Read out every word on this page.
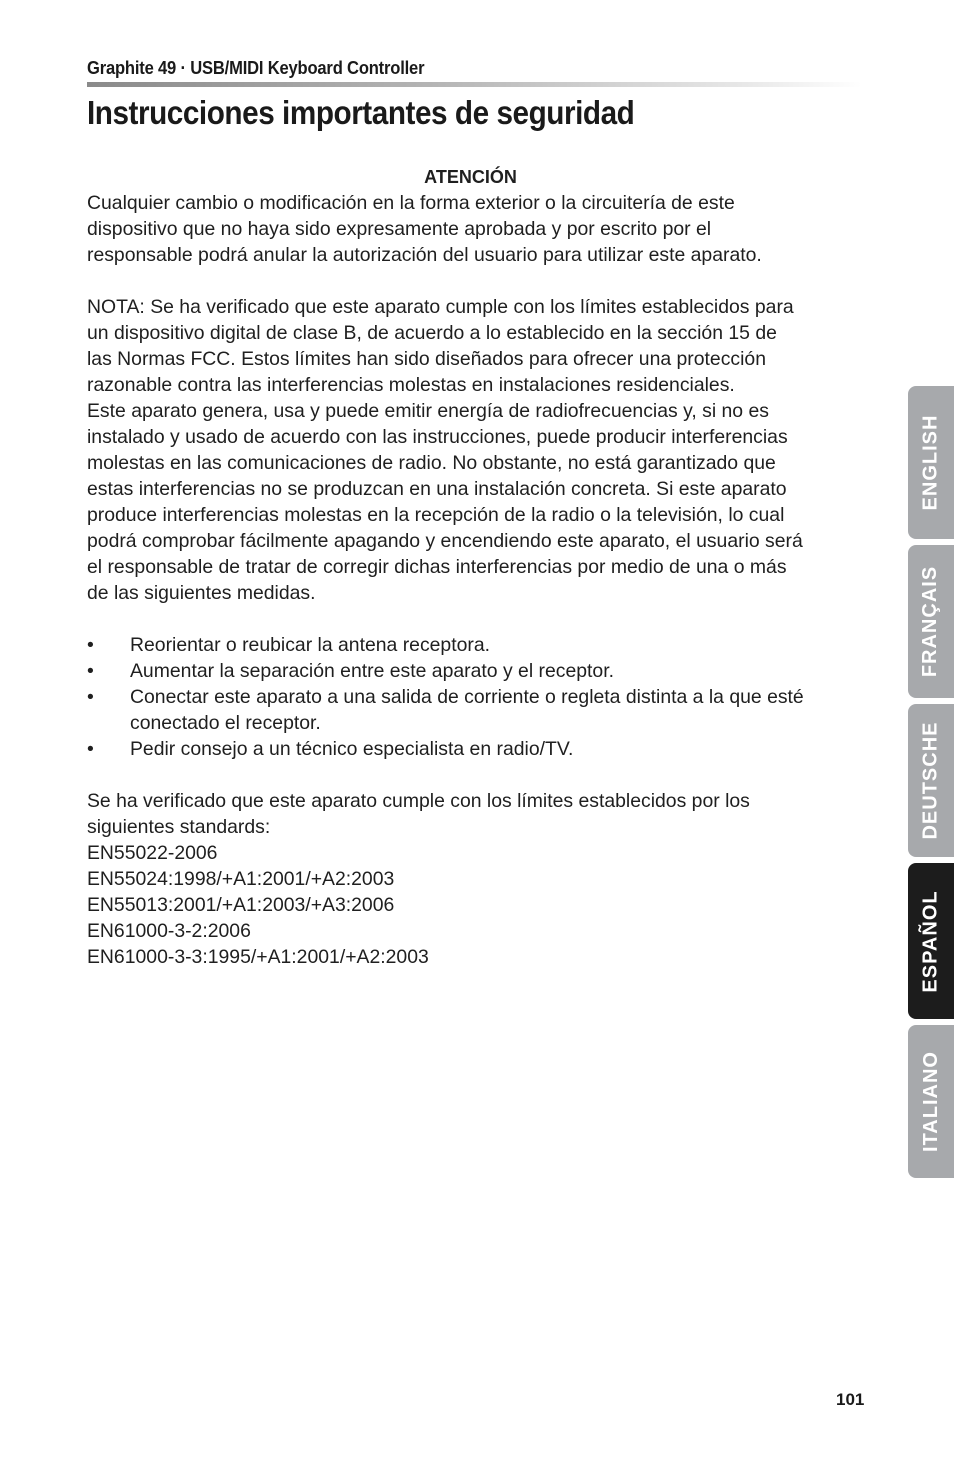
Graphite 49 · USB/MIDI Keyboard Controller
Instrucciones importantes de seguridad
ATENCIÓN
Cualquier cambio o modificación en la forma exterior o la circuitería de este
dispositivo que no haya sido expresamente aprobada y por escrito por el
responsable podrá anular la autorización del usuario para utilizar este aparato.
NOTA: Se ha verificado que este aparato cumple con los límites establecidos para
un dispositivo digital de clase B, de acuerdo a lo establecido en la sección 15 de
las Normas FCC. Estos límites han sido diseñados para ofrecer una protección
razonable contra las interferencias molestas en instalaciones residenciales.
Este aparato genera, usa y puede emitir energía de radiofrecuencias y, si no es
instalado y usado de acuerdo con las instrucciones, puede producir interferencias
molestas en las comunicaciones de radio. No obstante, no está garantizado que
estas interferencias no se produzcan en una instalación concreta. Si este aparato
produce interferencias molestas en la recepción de la radio o la televisión, lo cual
podrá comprobar fácilmente apagando y encendiendo este aparato, el usuario será
el responsable de tratar de corregir dichas interferencias por medio de una o más
de las siguientes medidas.
• Reorientar o reubicar la antena receptora.
• Aumentar la separación entre este aparato y el receptor.
• Conectar este aparato a una salida de corriente o regleta distinta a la que esté
conectado el receptor.
• Pedir consejo a un técnico especialista en radio/TV.
Se ha verificado que este aparato cumple con los límites establecidos por los
siguientes standards:
EN55022-2006
EN55024:1998/+A1:2001/+A2:2003
EN55013:2001/+A1:2003/+A3:2006
EN61000-3-2:2006
EN61000-3-3:1995/+A1:2001/+A2:2003
ENGLISH
FRANÇAIS
DEUTSCHE
ESPAÑOL
ITALIANO
101
